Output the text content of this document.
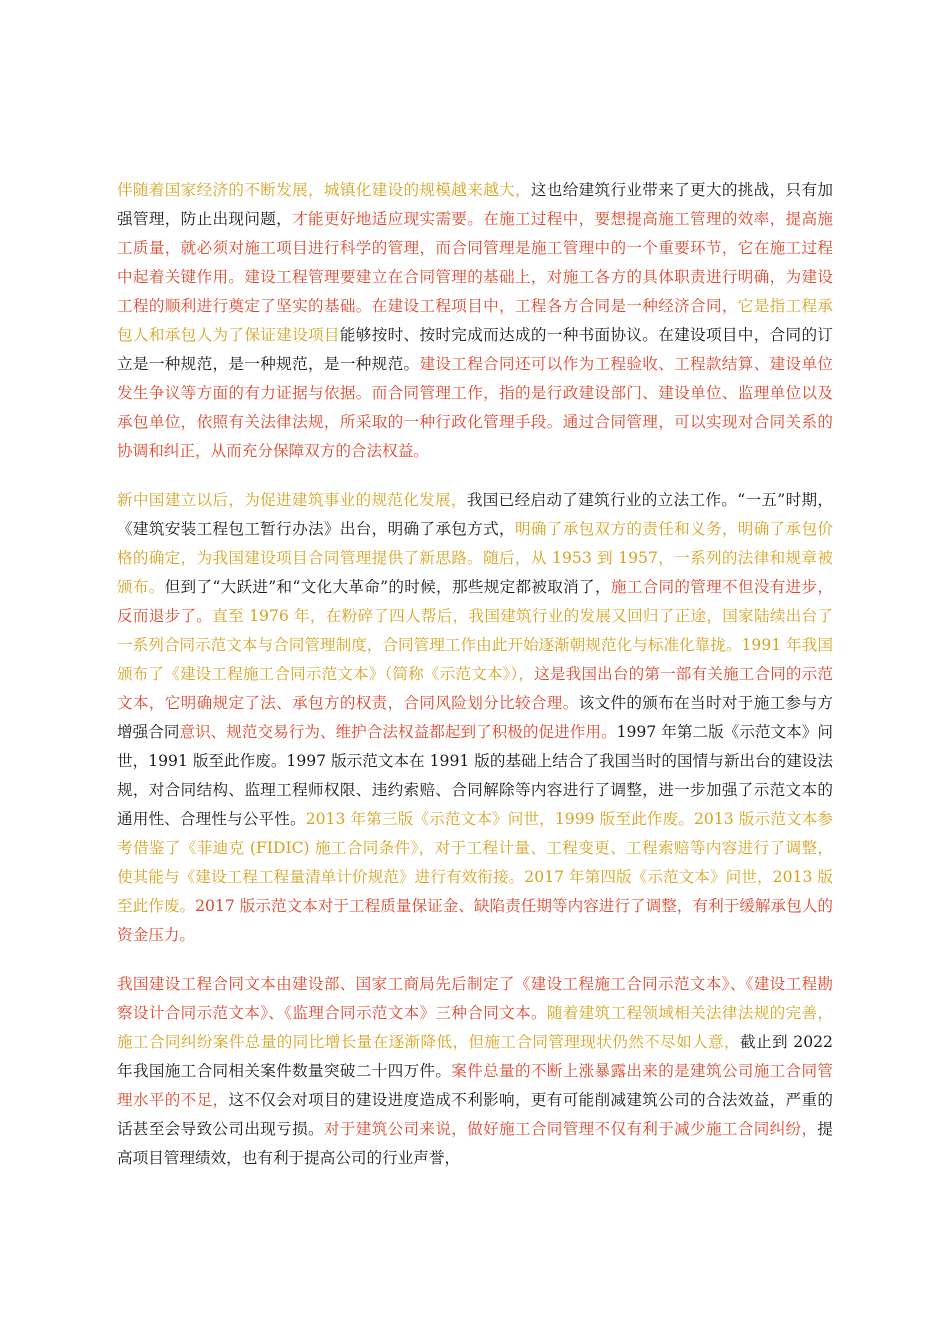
伴随着国家经济的不断发展，城镇化建设的规模越来越大，这也给建筑行业带来了更大的挑战，只有加强管理，防止出现问题，才能更好地适应现实需要。在施工过程中，要想提高施工管理的效率，提高施工质量，就必须对施工项目进行科学的管理，而合同管理是施工管理中的一个重要环节，它在施工过程中起着关键作用。建设工程管理要建立在合同管理的基础上，对施工各方的具体职责进行明确，为建设工程的顺利进行奠定了坚实的基础。在建设工程项目中，工程各方合同是一种经济合同，它是指工程承包人和承包人为了保证建设项目能够按时、按时完成而达成的一种书面协议。在建设项目中，合同的订立是一种规范，是一种规范，是一种规范。建设工程合同还可以作为工程验收、工程款结算、建设单位发生争议等方面的有力证据与依据。而合同管理工作，指的是行政建设部门、建设单位、监理单位以及承包单位，依照有关法律法规，所采取的一种行政化管理手段。通过合同管理，可以实现对合同关系的协调和纠正，从而充分保障双方的合法权益。

新中国建立以后，为促进建筑事业的规范化发展，我国已经启动了建筑行业的立法工作。“一五”时期，《建筑安装工程包工暂行办法》出台，明确了承包方式，明确了承包双方的责任和义务，明确了承包价格的确定，为我国建设项目合同管理提供了新思路。随后，从 1953 到 1957，一系列的法律和规章被颁布。但到了“大跃进”和“文化大革命”的时候，那些规定都被取消了，施工合同的管理不但没有进步，反而退步了。直至 1976 年，在粉碎了四人帮后，我国建筑行业的发展又回归了正途，国家陆续出台了一系列合同示范文本与合同管理制度，合同管理工作由此开始逐渐朝规范化与标准化靠拢。1991 年我国颁布了《建设工程施工合同示范文本》（简称《示范文本》），这是我国出台的第一部有关施工合同的示范文本，它明确规定了法、承包方的权责，合同风险划分比较合理。该文件的颁布在当时对于施工参与方增强合同意识、规范交易行为、维护合法权益都起到了积极的促进作用。1997 年第二版《示范文本》问世，1991 版至此作废。1997 版示范文本在 1991 版的基础上结合了我国当时的国情与新出台的建设法规，对合同结构、监理工程师权限、违约索赔、合同解除等内容进行了调整，进一步加强了示范文本的通用性、合理性与公平性。2013 年第三版《示范文本》问世，1999 版至此作废。2013 版示范文本参考借鉴了《菲迪克 (FIDIC) 施工合同条件》，对于工程计量、工程变更、工程索赔等内容进行了调整，使其能与《建设工程工程量清单计价规范》进行有效衔接。2017 年第四版《示范文本》问世，2013 版至此作废。2017 版示范文本对于工程质量保证金、缺陷责任期等内容进行了调整，有利于缓解承包人的资金压力。

我国建设工程合同文本由建设部、国家工商局先后制定了《建设工程施工合同示范文本》、《建设工程勘察设计合同示范文本》、《监理合同示范文本》三种合同文本。随着建筑工程领域相关法律法规的完善，施工合同纠纷案件总量的同比增长量在逐渐降低，但施工合同管理现状仍然不尽如人意，截止到 2022 年我国施工合同相关案件数量突破二十四万件。案件总量的不断上涨暴露出来的是建筑公司施工合同管理水平的不足，这不仅会对项目的建设进度造成不利影响，更有可能削减建筑公司的合法效益，严重的话甚至会导致公司出现亏损。对于建筑公司来说，做好施工合同管理不仅有利于减少施工合同纠纷，提高项目管理绩效，也有利于提高公司的行业声誉，
